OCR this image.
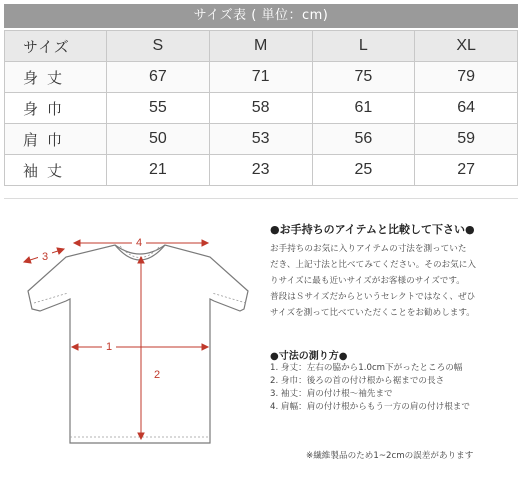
サイズ表 ( 単位：cm)
サイズ	S	M	L	XL
身丈	67	71	75	79
身巾	55	58	61	64
肩巾	50	53	56	59
袖丈	21	23	25	27
4
3
1
2
●お手持ちのアイテムと比較して下さい●
お手持ちのお気に入りアイテムの寸法を測っていた
だき、上記寸法と比べてみてください。そのお気に入
りサイズに最も近いサイズがお客様のサイズです。
普段はＳサイズだからというセレクトではなく、ぜひ
サイズを測って比べていただくことをお勧めします。
●寸法の測り方●
1. 身丈：左右の脇から1.0cm下がったところの幅
2. 身巾：後ろの首の付け根から裾までの長さ
3. 袖丈：肩の付け根～袖先まで
4. 肩幅：肩の付け根からもう一方の肩の付け根まで
※繊維製品のため1~2cmの誤差があります
